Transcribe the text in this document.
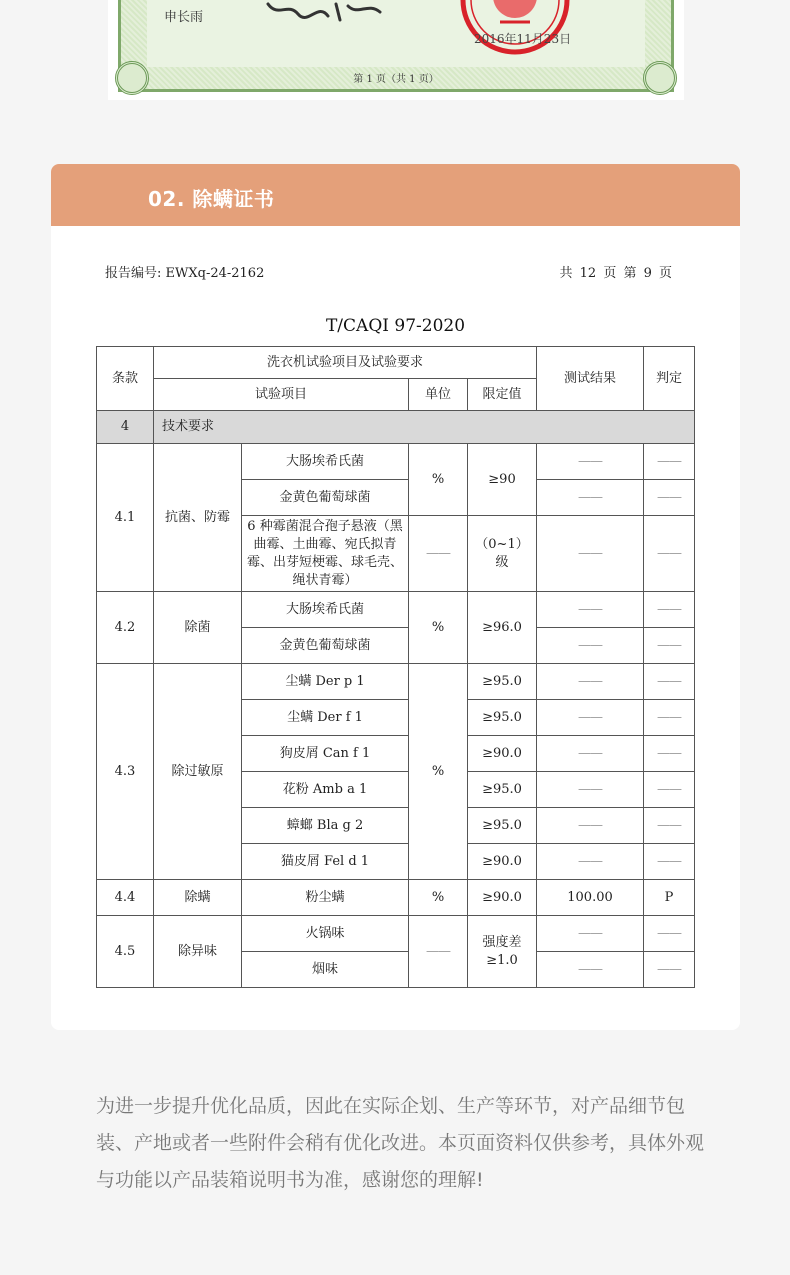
申长雨
2016年11月23日
第 1 页（共 1 页）
02. 除螨证书
报告编号: EWXq-24-2162	共 12 页 第 9 页
T/CAQI 97-2020
条款	洗衣机试验项目及试验要求				测试结果	判定
	试验项目		单位	限定值		
4	技术要求					
4.1	抗菌、防霉	大肠埃希氏菌	%	≥90	——	——
		金黄色葡萄球菌			——	——
		6 种霉菌混合孢子悬液（黑曲霉、土曲霉、宛氏拟青霉、出芽短梗霉、球毛壳、绳状青霉）	——	（0~1）级	——	——
4.2	除菌	大肠埃希氏菌	%	≥96.0	——	——
		金黄色葡萄球菌			——	——
4.3	除过敏原	尘螨 Der p 1	%	≥95.0	——	——
		尘螨 Der f 1		≥95.0	——	——
		狗皮屑 Can f 1		≥90.0	——	——
		花粉 Amb a 1		≥95.0	——	——
		蟑螂 Bla g 2		≥95.0	——	——
		猫皮屑 Fel d 1		≥90.0	——	——
4.4	除螨	粉尘螨	%	≥90.0	100.00	P
4.5	除异味	火锅味	——	强度差≥1.0	——	——
		烟味			——	——

为进一步提升优化品质，因此在实际企划、生产等环节，对产品细节包装、产地或者一些附件会稍有优化改进。本页面资料仅供参考，具体外观与功能以产品装箱说明书为准，感谢您的理解!
